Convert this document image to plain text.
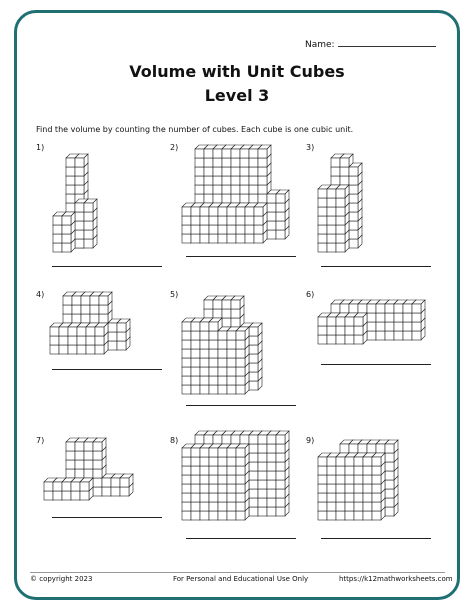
Name:
Volume with Unit Cubes
Level 3
Find the volume by counting the number of cubes. Each cube is one cubic unit.
1)	2)	3)
4)	5)	6)
7)	8)	9)
© copyright 2023	For Personal and Educational Use Only	https://k12mathworksheets.com
